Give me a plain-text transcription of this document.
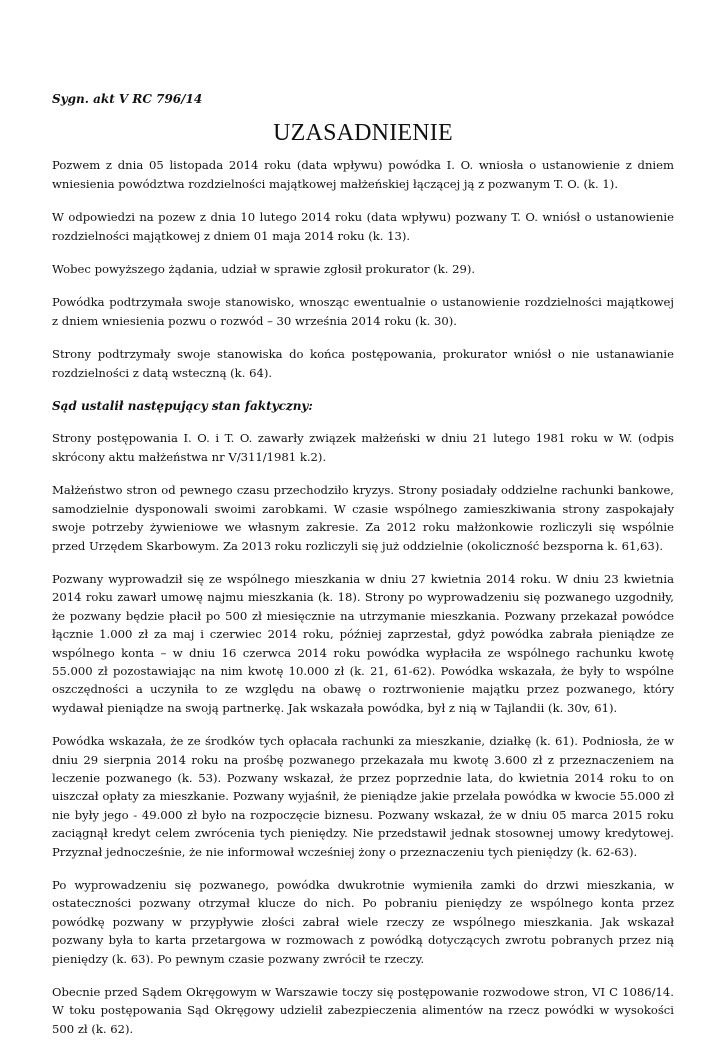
Sygn. akt V RC 796/14
UZASADNIENIE

Pozwem z dnia 05 listopada 2014 roku (data wpływu) powódka I. O. wniosła o ustanowienie z dniem wniesienia powództwa rozdzielności majątkowej małżeńskiej łączącej ją z pozwanym T. O. (k. 1).

W odpowiedzi na pozew z dnia 10 lutego 2014 roku (data wpływu) pozwany T. O. wniósł o ustanowienie rozdzielności majątkowej z dniem 01 maja 2014 roku (k. 13).

Wobec powyższego żądania, udział w sprawie zgłosił prokurator (k. 29).

Powódka podtrzymała swoje stanowisko, wnosząc ewentualnie o ustanowienie rozdzielności majątkowej z dniem wniesienia pozwu o rozwód – 30 września 2014 roku (k. 30).

Strony podtrzymały swoje stanowiska do końca postępowania, prokurator wniósł o nie ustanawianie rozdzielności z datą wsteczną (k. 64).

Sąd ustalił następujący stan faktyczny:

Strony postępowania I. O. i T. O. zawarły związek małżeński w dniu 21 lutego 1981 roku w W. (odpis skrócony aktu małżeństwa nr V/311/1981 k.2).

Małżeństwo stron od pewnego czasu przechodziło kryzys. Strony posiadały oddzielne rachunki bankowe, samodzielnie dysponowali swoimi zarobkami. W czasie wspólnego zamieszkiwania strony zaspokajały swoje potrzeby żywieniowe we własnym zakresie. Za 2012 roku małżonkowie rozliczyli się wspólnie przed Urzędem Skarbowym. Za 2013 roku rozliczyli się już oddzielnie (okoliczność bezsporna k. 61,63).

Pozwany wyprowadził się ze wspólnego mieszkania w dniu 27 kwietnia 2014 roku. W dniu 23 kwietnia 2014 roku zawarł umowę najmu mieszkania (k. 18). Strony po wyprowadzeniu się pozwanego uzgodniły, że pozwany będzie płacił po 500 zł miesięcznie na utrzymanie mieszkania. Pozwany przekazał powódce łącznie 1.000 zł za maj i czerwiec 2014 roku, później zaprzestał, gdyż powódka zabrała pieniądze ze wspólnego konta – w dniu 16 czerwca 2014 roku powódka wypłaciła ze wspólnego rachunku kwotę 55.000 zł pozostawiając na nim kwotę 10.000 zł (k. 21, 61-62). Powódka wskazała, że były to wspólne oszczędności a uczyniła to ze względu na obawę o roztrwonienie majątku przez pozwanego, który wydawał pieniądze na swoją partnerkę. Jak wskazała powódka, był z nią w Tajlandii (k. 30v, 61).

Powódka wskazała, że ze środków tych opłacała rachunki za mieszkanie, działkę (k. 61). Podniosła, że w dniu 29 sierpnia 2014 roku na prośbę pozwanego przekazała mu kwotę 3.600 zł z przeznaczeniem na leczenie pozwanego (k. 53). Pozwany wskazał, że przez poprzednie lata, do kwietnia 2014 roku to on uiszczał opłaty za mieszkanie. Pozwany wyjaśnił, że pieniądze jakie przelała powódka w kwocie 55.000 zł nie były jego - 49.000 zł było na rozpoczęcie biznesu. Pozwany wskazał, że w dniu 05 marca 2015 roku zaciągnął kredyt celem zwrócenia tych pieniędzy. Nie przedstawił jednak stosownej umowy kredytowej. Przyznał jednocześnie, że nie informował wcześniej żony o przeznaczeniu tych pieniędzy (k. 62-63).

Po wyprowadzeniu się pozwanego, powódka dwukrotnie wymieniła zamki do drzwi mieszkania, w ostateczności pozwany otrzymał klucze do nich. Po pobraniu pieniędzy ze wspólnego konta przez powódkę pozwany w przypływie złości zabrał wiele rzeczy ze wspólnego mieszkania. Jak wskazał pozwany była to karta przetargowa w rozmowach z powódką dotyczących zwrotu pobranych przez nią pieniędzy (k. 63). Po pewnym czasie pozwany zwrócił te rzeczy.

Obecnie przed Sądem Okręgowym w Warszawie toczy się postępowanie rozwodowe stron, VI C 1086/14. W toku postępowania Sąd Okręgowy udzielił zabezpieczenia alimentów na rzecz powódki w wysokości 500 zł (k. 62).
